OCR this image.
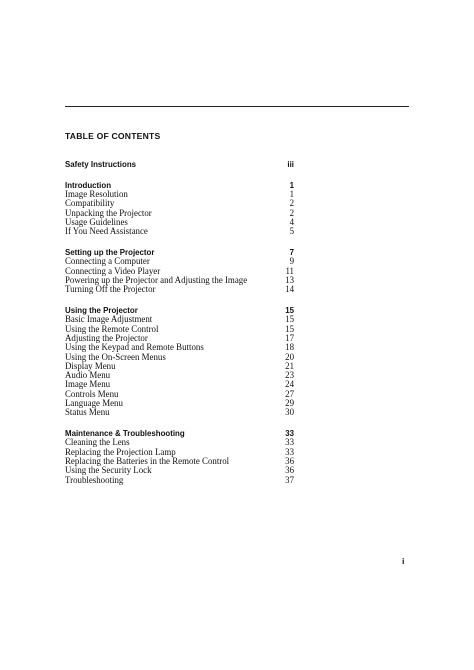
TABLE OF CONTENTS
Safety Instructions	iii
Introduction	1
Image Resolution	1
Compatibility	2
Unpacking the Projector	2
Usage Guidelines	4
If You Need Assistance	5
Setting up the Projector	7
Connecting a Computer	9
Connecting a Video Player	11
Powering up the Projector and Adjusting the Image	13
Turning Off the Projector	14
Using the Projector	15
Basic Image Adjustment	15
Using the Remote Control	15
Adjusting the Projector	17
Using the Keypad and Remote Buttons	18
Using the On-Screen Menus	20
Display Menu	21
Audio Menu	23
Image Menu	24
Controls Menu	27
Language Menu	29
Status Menu	30
Maintenance & Troubleshooting	33
Cleaning the Lens	33
Replacing the Projection Lamp	33
Replacing the Batteries in the Remote Control	36
Using the Security Lock	36
Troubleshooting	37
i
